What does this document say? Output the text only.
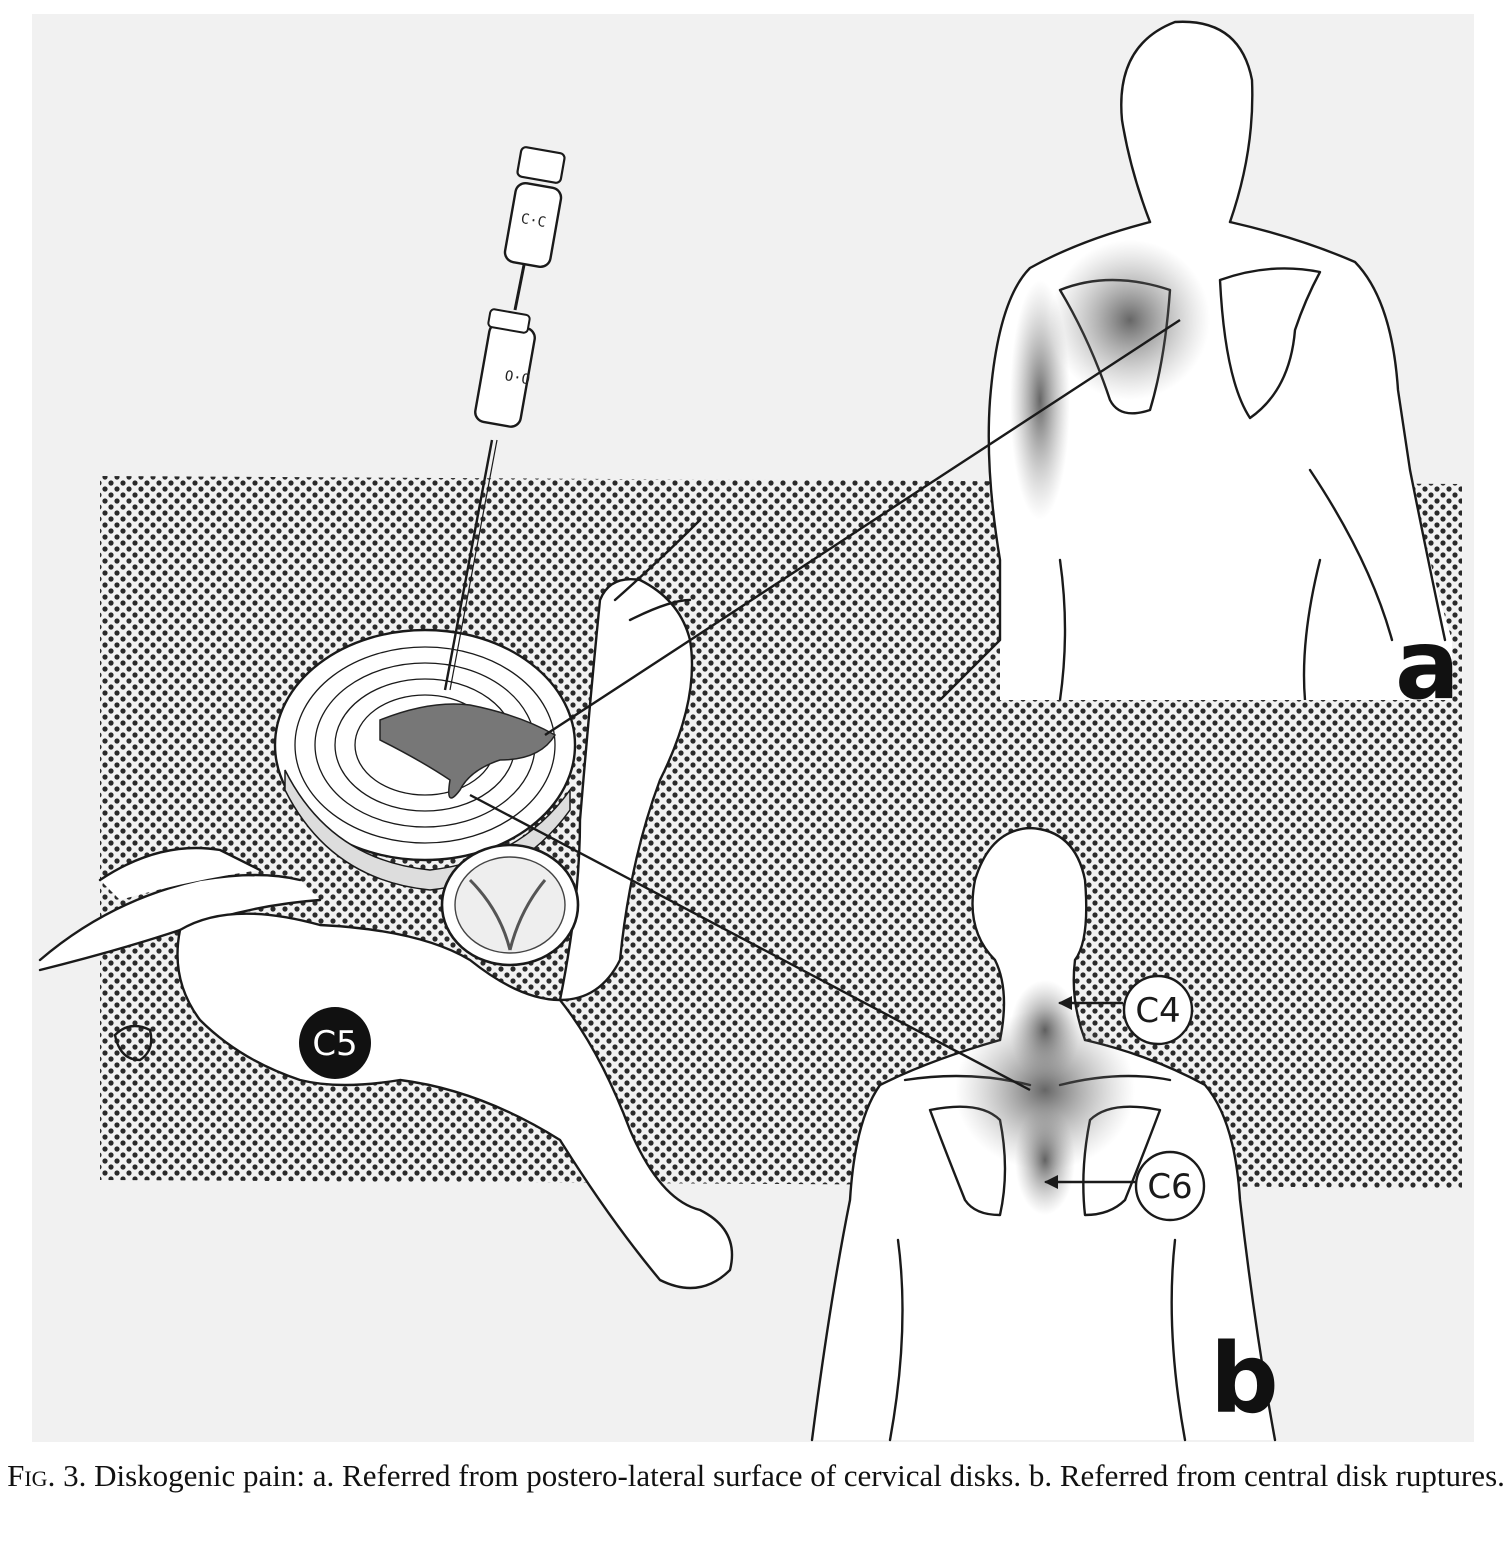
C4
C6
O·O
C·C
C5
a
b
Fig. 3. Diskogenic pain: a. Referred from postero-lateral surface of cervical disks. b. Referred from central disk ruptures.
